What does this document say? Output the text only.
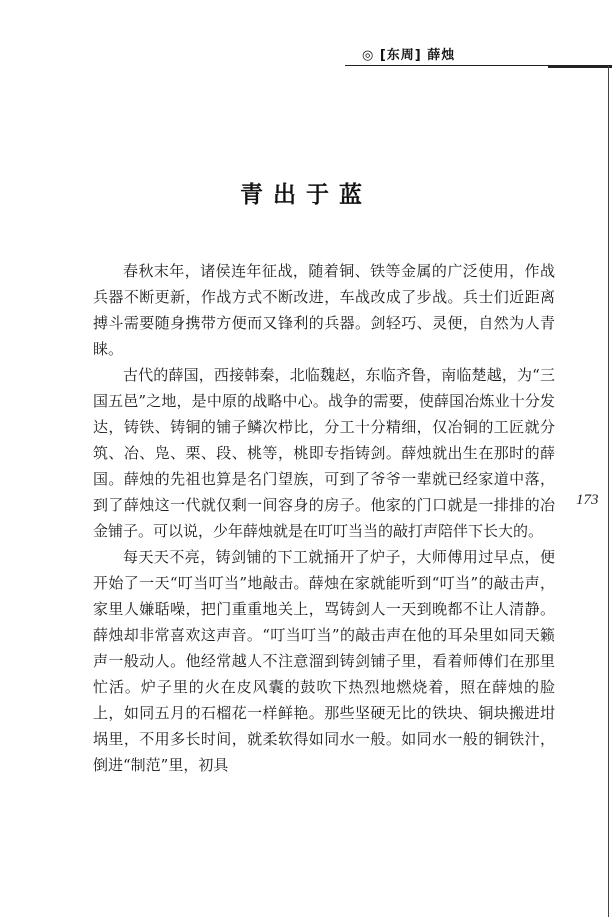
◎ [东周] 薛烛
173
青出于蓝

春秋末年，诸侯连年征战，随着铜、铁等金属的广泛使用，作战兵器不断更新，作战方式不断改进，车战改成了步战。兵士们近距离搏斗需要随身携带方便而又锋利的兵器。剑轻巧、灵便，自然为人青睐。

古代的薛国，西接韩秦，北临魏赵，东临齐鲁，南临楚越，为“三国五邑”之地，是中原的战略中心。战争的需要，使薛国冶炼业十分发达，铸铁、铸铜的铺子鳞次栉比，分工十分精细，仅冶铜的工匠就分筑、冶、凫、栗、段、桃等，桃即专指铸剑。薛烛就出生在那时的薛国。薛烛的先祖也算是名门望族，可到了爷爷一辈就已经家道中落，到了薛烛这一代就仅剩一间容身的房子。他家的门口就是一排排的冶金铺子。可以说，少年薛烛就是在叮叮当当的敲打声陪伴下长大的。

每天天不亮，铸剑铺的下工就捅开了炉子，大师傅用过早点，便开始了一天“叮当叮当”地敲击。薛烛在家就能听到“叮当”的敲击声，家里人嫌聒噪，把门重重地关上，骂铸剑人一天到晚都不让人清静。薛烛却非常喜欢这声音。“叮当叮当”的敲击声在他的耳朵里如同天籁声一般动人。他经常越人不注意溜到铸剑铺子里，看着师傅们在那里忙活。炉子里的火在皮风囊的鼓吹下热烈地燃烧着，照在薛烛的脸上，如同五月的石榴花一样鲜艳。那些坚硬无比的铁块、铜块搬进坩埚里，不用多长时间，就柔软得如同水一般。如同水一般的铜铁汁，倒进“制范”里，初具
